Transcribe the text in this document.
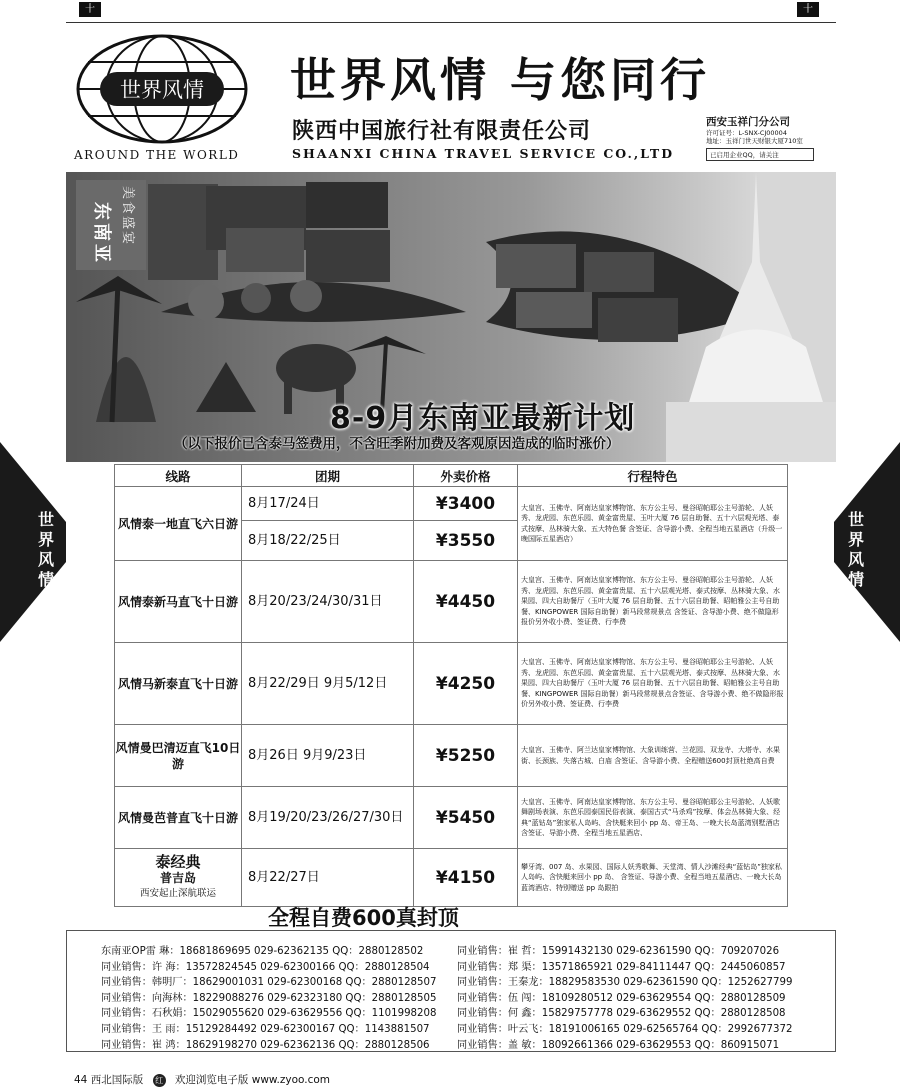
十	十
世界风情
AROUND THE WORLD
世界风情 与您同行
陕西中国旅行社有限责任公司
SHAANXI CHINA TRAVEL SERVICE CO.,LTD
西安玉祥门分公司
许可证号：L-SNX-CJ00004
地址：玉祥门世天财银大厦710室
已启用企业QQ，请关注
东南亚 美食盛宴
8-9月东南亚最新计划
（以下报价已含泰马签费用，不含旺季附加费及客观原因造成的临时涨价）
世界风情
世界风情
线路	团期	外卖价格	行程特色
风情泰一地直飞六日游	8月17/24日	¥3400	大皇宫、玉佛寺、阿南达皇家博物馆、东方公主号、曼谷昭帕耶公主号游轮、人妖秀、龙虎园、东芭乐园、黄金富贵屋、玉叶大厦 76 层自助餐、五十六层观光塔、泰式按摩、丛林骑大象、五大特色餐 含签证、含导游小费、全程当地五星酒店（升级一晚国际五星酒店）
	8月18/22/25日	¥3550	
风情泰新马直飞十日游	8月20/23/24/30/31日	¥4450	大皇宫、玉佛寺、阿南达皇家博物馆、东方公主号、曼谷昭帕耶公主号游轮、人妖秀、龙虎园、东芭乐园、黄金富贵屋、五十六层观光塔、泰式按摩、丛林骑大象、水果园、四大自助餐厅（玉叶大厦 76 层自助餐、五十六层自助餐、昭帕雅公主号自助餐、KINGPOWER 国际自助餐）新马段常规景点 含签证、含导游小费、绝不做隐形报价另外收小费、签证费、行李费
风情马新泰直飞十日游	8月22/29日 9月5/12日	¥4250	大皇宫、玉佛寺、阿南达皇家博物馆、东方公主号、曼谷昭帕耶公主号游轮、人妖秀、龙虎园、东芭乐园、黄金富贵屋、五十六层观光塔、泰式按摩、丛林骑大象、水果园、四大自助餐厅（玉叶大厦 76 层自助餐、五十六层自助餐、昭帕雅公主号自助餐、KINGPOWER 国际自助餐）新马段常规景点含签证、含导游小费、绝不做隐形报价另外收小费、签证费、行李费
风情曼巴清迈直飞10日游	8月26日 9月9/23日	¥5250	大皇宫、玉佛寺、阿兰达皇家博物馆、大象训练营、兰花园、双龙寺、大塔寺、水果街、长颈族、失落古城、白庙 含签证、含导游小费、全程赠送600封顶杜绝高自费
风情曼芭普直飞十日游	8月19/20/23/26/27/30日	¥5450	大皇宫、玉佛寺、阿南达皇家博物馆、东方公主号、曼谷昭帕耶公主号游轮、人妖歌舞剧场表演、东芭乐园泰国民俗表演、泰国古式“马杀鸡”按摩、体会丛林骑大象、经典“蓝钻岛”独家私人岛屿、含快艇来回小 pp 岛、帝王岛、一晚大长岛蓝湾别墅酒店 含签证、导游小费、全程当地五星酒店、

泰经典
普吉岛
西安起止深航联运	8月22/27日	¥4150	攀牙湾、007 岛、水果园、国际人妖秀歌舞、天堂湾、情人沙滩经典“蓝钻岛”独家私人岛屿、含快艇来回小 pp 岛、 含签证、导游小费、全程当地五星酒店、一晚大长岛蓝湾酒店、特别赠送 pp 岛跟拍
全程自费600真封顶
东南亚OP雷 琳：18681869695 029-62362135 QQ：2880128502	同业销售：崔 哲：15991432130 029-62361590 QQ：709207026
同业销售：许 海：13572824545 029-62300166 QQ：2880128504	同业销售：郑 渠：13571865921 029-84111447 QQ：2445060857
同业销售：韩明厂：18629001031 029-62300168 QQ：2880128507	同业销售：王秦龙：18829583530 029-62361590 QQ：1252627799
同业销售：向海林：18229088276 029-62323180 QQ：2880128505	同业销售：伍 闯：18109280512 029-63629554 QQ：2880128509
同业销售：石秋娟：15029055620 029-63629556 QQ：1101998208	同业销售：何 鑫：15829757778 029-63629552 QQ：2880128508
同业销售：王 雨：15129284492 029-62300167 QQ：1143881507	同业销售：叶云飞：18191006165 029-62565764 QQ：2992677372
同业销售：崔 鸿：18629198270 029-62362136 QQ：2880128506	同业销售：盖 敏：18092661366 029-63629553 QQ：860915071
44 西北国际版 红 欢迎浏览电子版 www.zyoo.com
